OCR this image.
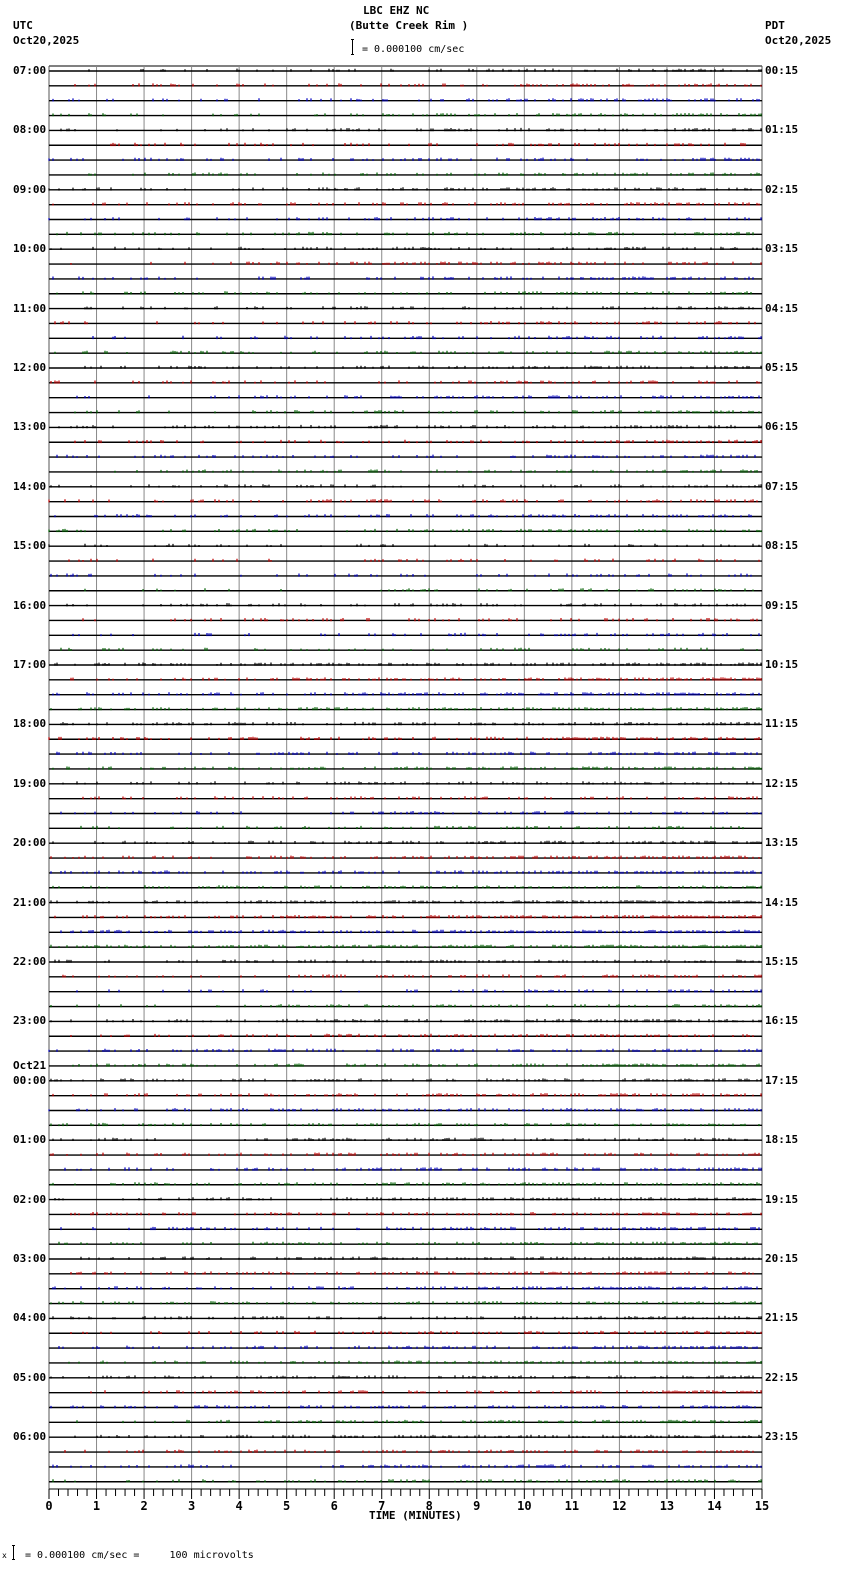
LBC EHZ NC
(Butte Creek Rim )
UTC
Oct20,2025
PDT
Oct20,2025
= 0.000100 cm/sec
0	1	2	3	4	5	6	7	8	9	10	11	12	13	14	15
TIME (MINUTES)
x = 0.000100 cm/sec =     100 microvolts
07:00
08:00
09:00
10:00
11:00
12:00
13:00
14:00
15:00
16:00
17:00
18:00
19:00
20:00
21:00
22:00
23:00
00:00
Oct21
01:00
02:00
03:00
04:00
05:00
06:00
00:15
01:15
02:15
03:15
04:15
05:15
06:15
07:15
08:15
09:15
10:15
11:15
12:15
13:15
14:15
15:15
16:15
17:15
18:15
19:15
20:15
21:15
22:15
23:15
